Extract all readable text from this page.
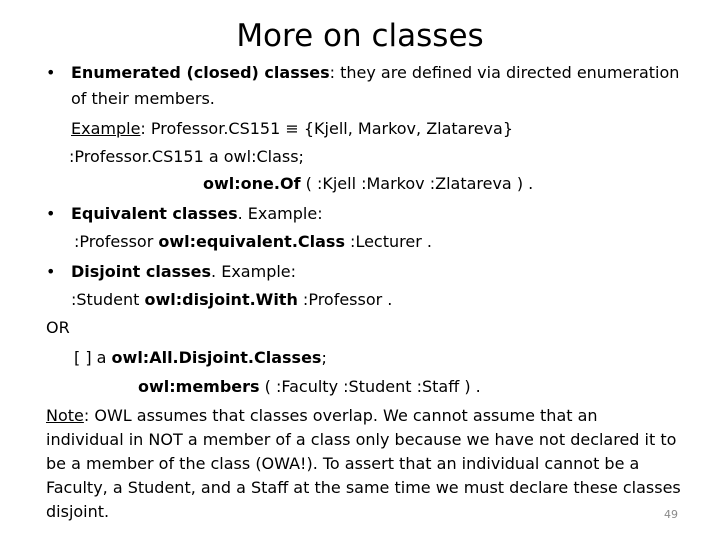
More on classes
• Enumerated (closed) classes: they are defined via directed enumeration
of their members.
Example: Professor.CS151 ≡ {Kjell, Markov, Zlatareva}
:Professor.CS151 a owl:Class;
owl:one.Of ( :Kjell :Markov :Zlatareva ) .
• Equivalent classes. Example:
:Professor owl:equivalent.Class :Lecturer .
• Disjoint classes. Example:
:Student owl:disjoint.With :Professor .
OR
[ ] a owl:All.Disjoint.Classes;
owl:members ( :Faculty :Student :Staff ) .
Note: OWL assumes that classes overlap. We cannot assume that an
individual in NOT a member of a class only because we have not declared it to
be a member of the class (OWA!). To assert that an individual cannot be a
Faculty, a Student, and a Staff at the same time we must declare these classes
disjoint.	49
